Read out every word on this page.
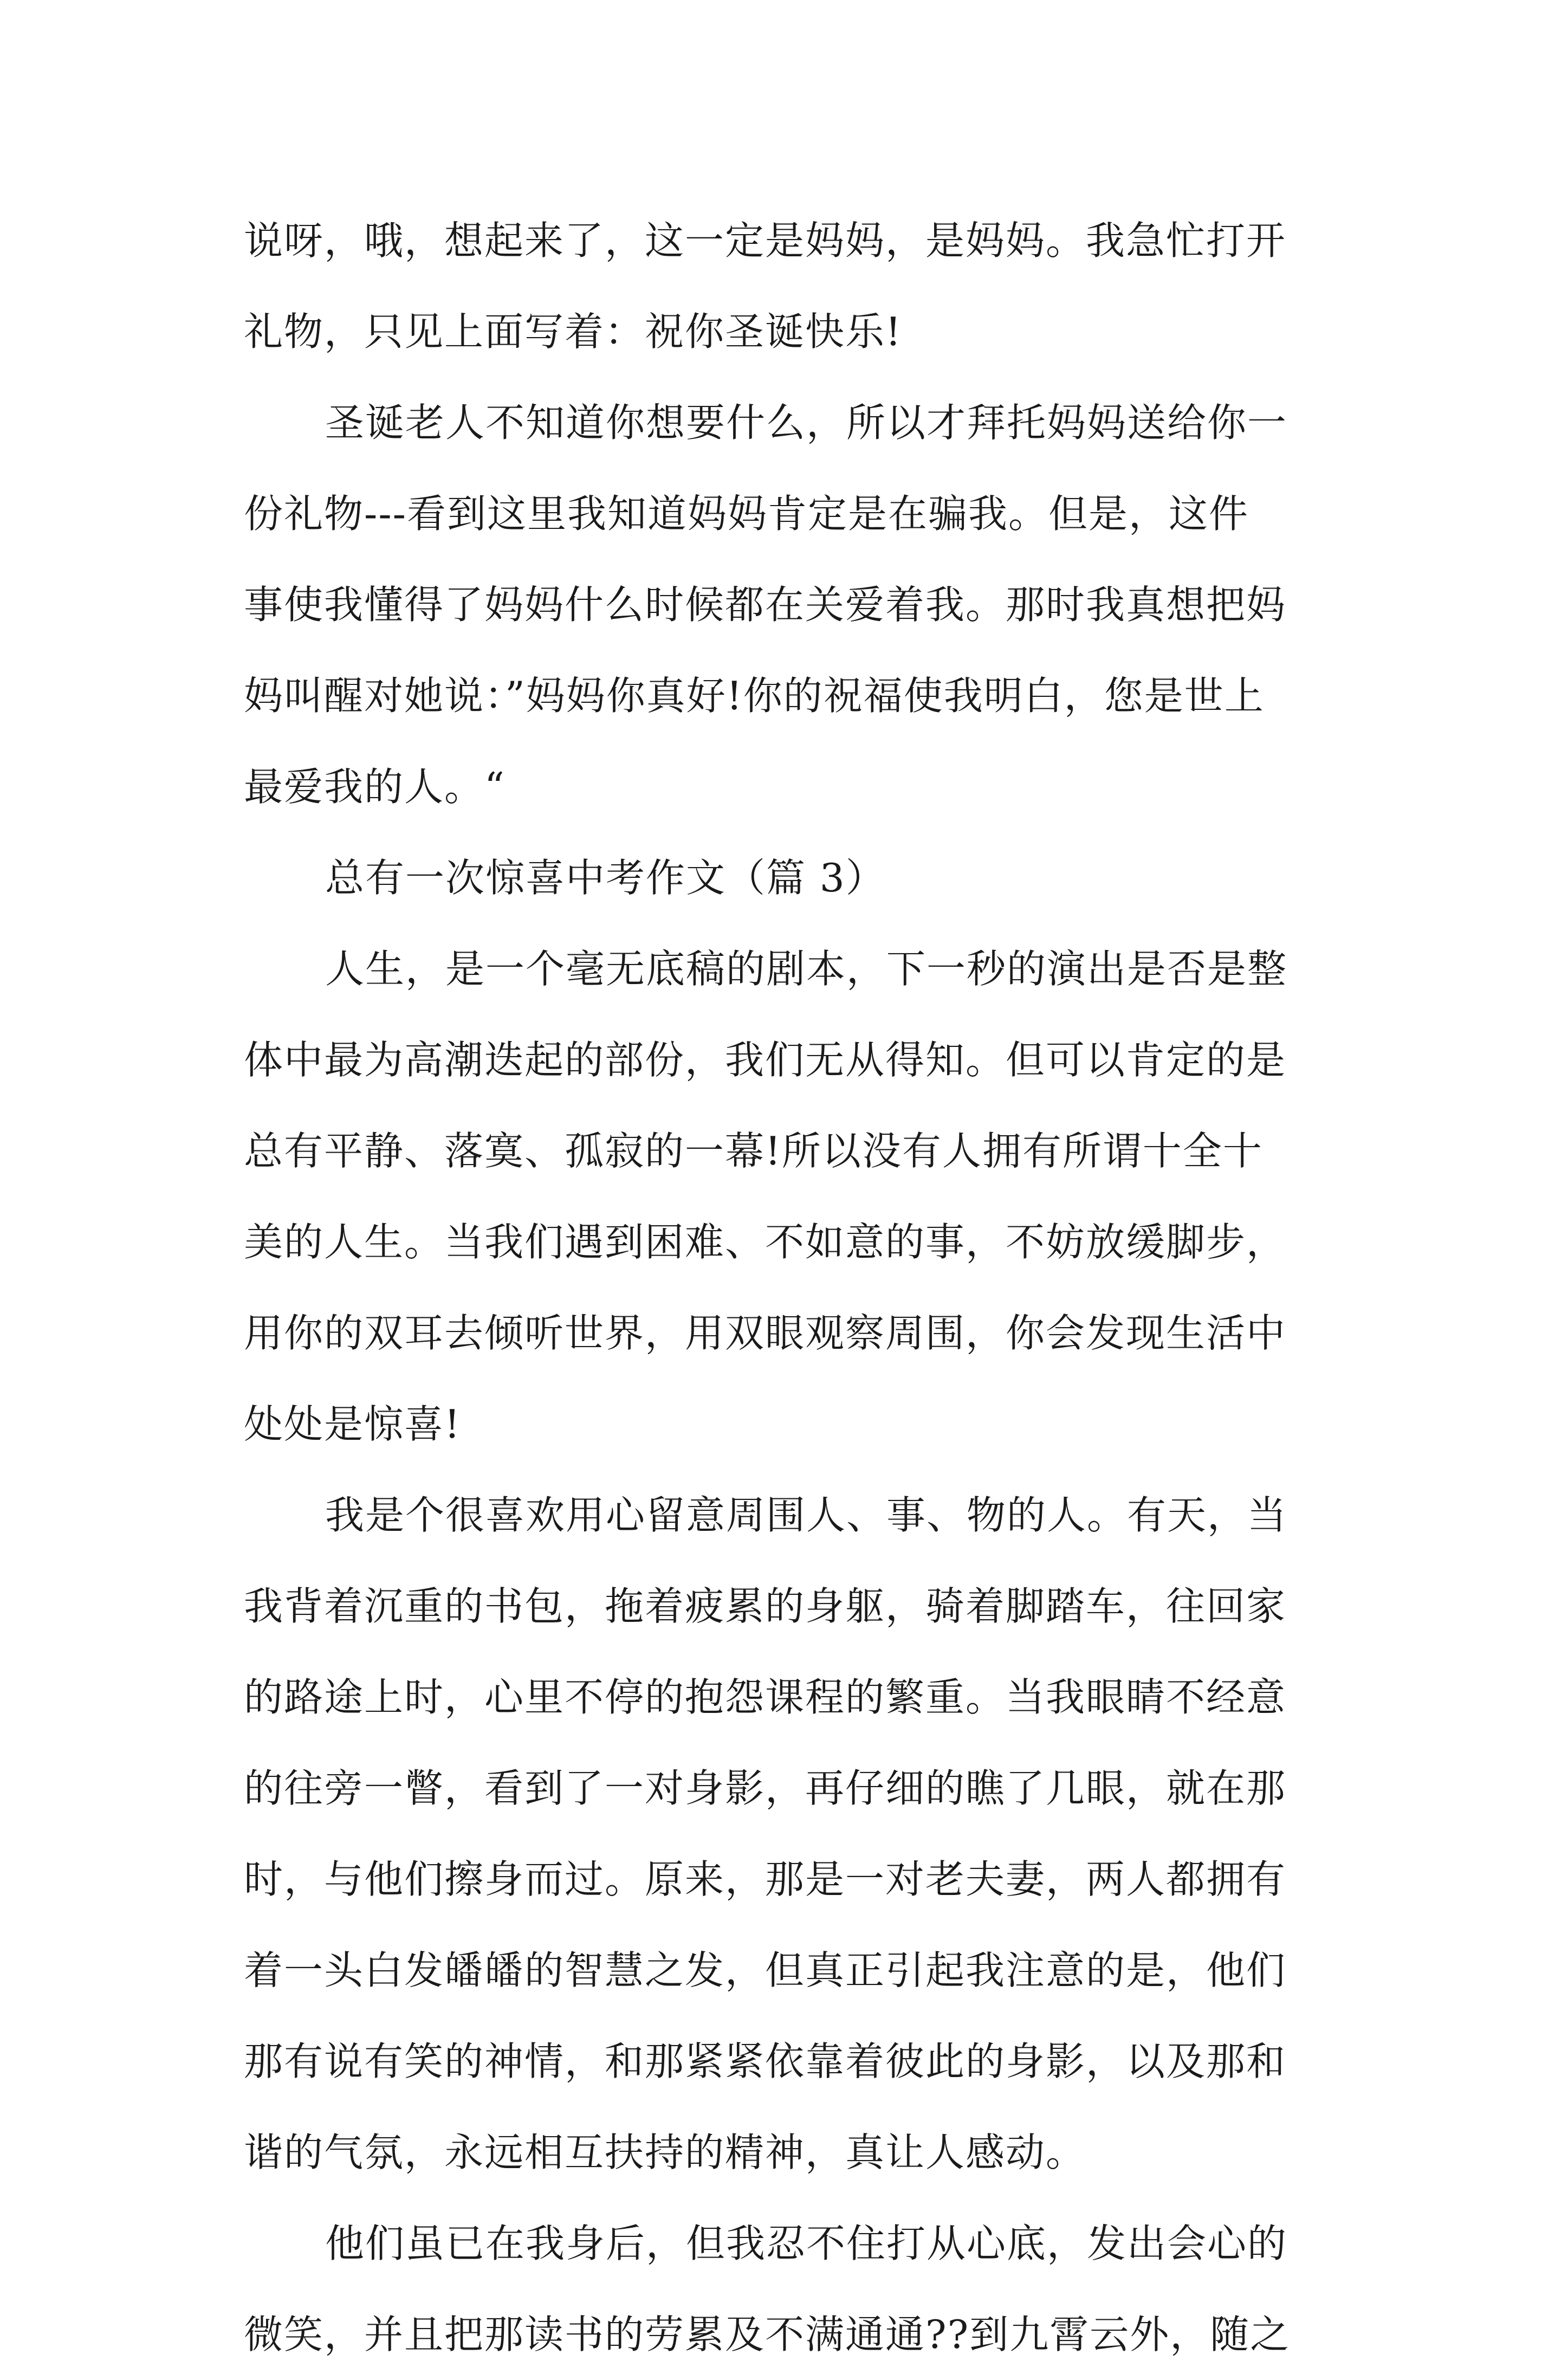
说呀，哦，想起来了，这一定是妈妈，是妈妈。我急忙打开
礼物，只见上面写着：祝你圣诞快乐!
圣诞老人不知道你想要什么，所以才拜托妈妈送给你一
份礼物---看到这里我知道妈妈肯定是在骗我。但是，这件
事使我懂得了妈妈什么时候都在关爱着我。那时我真想把妈
妈叫醒对她说：”妈妈你真好!你的祝福使我明白，您是世上
最爱我的人。“
总有一次惊喜中考作文（篇 3）
人生，是一个毫无底稿的剧本，下一秒的演出是否是整
体中最为高潮迭起的部份，我们无从得知。但可以肯定的是
总有平静、落寞、孤寂的一幕!所以没有人拥有所谓十全十
美的人生。当我们遇到困难、不如意的事，不妨放缓脚步，
用你的双耳去倾听世界，用双眼观察周围，你会发现生活中
处处是惊喜!
我是个很喜欢用心留意周围人、事、物的人。有天，当
我背着沉重的书包，拖着疲累的身躯，骑着脚踏车，往回家
的路途上时，心里不停的抱怨课程的繁重。当我眼睛不经意
的往旁一瞥，看到了一对身影，再仔细的瞧了几眼，就在那
时，与他们擦身而过。原来，那是一对老夫妻，两人都拥有
着一头白发皤皤的智慧之发，但真正引起我注意的是，他们
那有说有笑的神情，和那紧紧依靠着彼此的身影，以及那和
谐的气氛，永远相互扶持的精神，真让人感动。
他们虽已在我身后，但我忍不住打从心底，发出会心的
微笑，并且把那读书的劳累及不满通通??到九霄云外，随之
